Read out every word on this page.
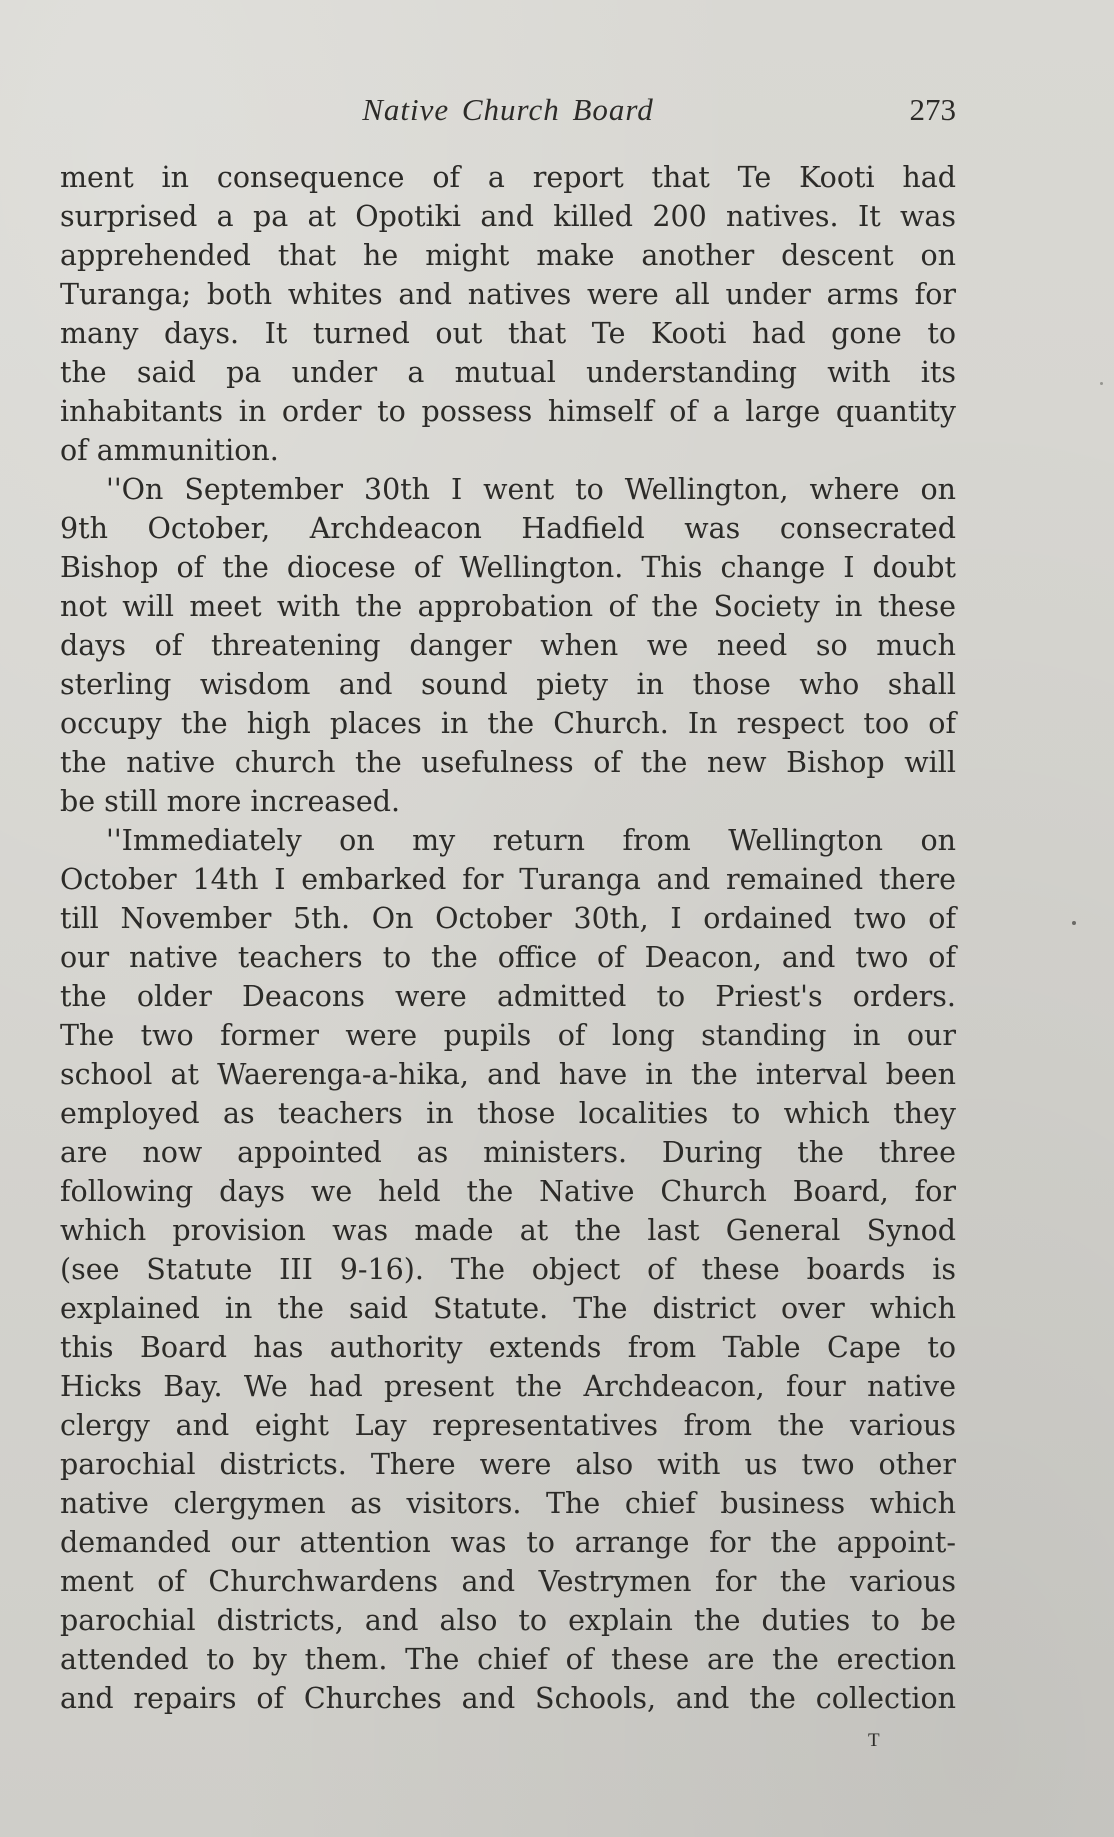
Native Church Board	273
ment in consequence of a report that Te Kooti had
surprised a pa at Opotiki and killed 200 natives. It was
apprehended that he might make another descent on
Turanga; both whites and natives were all under arms for
many days. It turned out that Te Kooti had gone to
the said pa under a mutual understanding with its
inhabitants in order to possess himself of a large quantity
of ammunition.
''On September 30th I went to Wellington, where on
9th October, Archdeacon Hadfield was consecrated
Bishop of the diocese of Wellington. This change I doubt
not will meet with the approbation of the Society in these
days of threatening danger when we need so much
sterling wisdom and sound piety in those who shall
occupy the high places in the Church. In respect too of
the native church the usefulness of the new Bishop will
be still more increased.
''Immediately on my return from Wellington on
October 14th I embarked for Turanga and remained there
till November 5th. On October 30th, I ordained two of
our native teachers to the office of Deacon, and two of
the older Deacons were admitted to Priest's orders.
The two former were pupils of long standing in our
school at Waerenga-a-hika, and have in the interval been
employed as teachers in those localities to which they
are now appointed as ministers. During the three
following days we held the Native Church Board, for
which provision was made at the last General Synod
(see Statute III 9-16). The object of these boards is
explained in the said Statute. The district over which
this Board has authority extends from Table Cape to
Hicks Bay. We had present the Archdeacon, four native
clergy and eight Lay representatives from the various
parochial districts. There were also with us two other
native clergymen as visitors. The chief business which
demanded our attention was to arrange for the appoint-
ment of Churchwardens and Vestrymen for the various
parochial districts, and also to explain the duties to be
attended to by them. The chief of these are the erection
and repairs of Churches and Schools, and the collection
T
